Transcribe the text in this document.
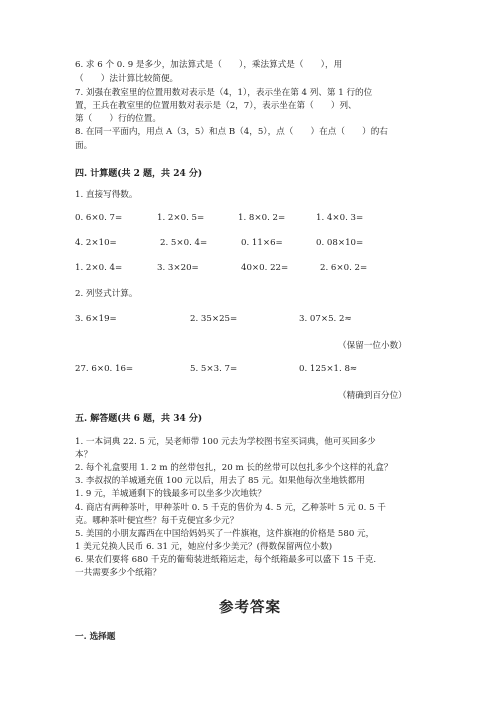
6. 求 6 个 0. 9 是多少，加法算式是（　　），乘法算式是（　　），用
（　　）法计算比较简便。
7. 刘强在教室里的位置用数对表示是（4，1），表示坐在第 4 列、第 1 行的位
置，王兵在教室里的位置用数对表示是（2，7），表示坐在第（　　）列、
第（　　）行的位置。
8. 在同一平面内，用点 A（3，5）和点 B（4，5），点（　　）在点（　　）的右
面。
四. 计算题(共 2 题，共 24 分)
1. 直接写得数。
0. 6×0. 7=	1. 2×0. 5=	1. 8×0. 2=	1. 4×0. 3=
4. 2×10=	2. 5×0. 4=	0. 11×6=	0. 08×10=
1. 2×0. 4=	3. 3×20=	40×0. 22=	2. 6×0. 2=
2. 列竖式计算。
3. 6×19=	2. 35×25=	3. 07×5. 2≈
（保留一位小数）
27. 6×0. 16=	5. 5×3. 7=	0. 125×1. 8≈
（精确到百分位）
五. 解答题(共 6 题，共 34 分)
1. 一本词典 22. 5 元，吴老师带 100 元去为学校图书室买词典，他可买回多少
本？
2. 每个礼盒要用 1. 2 m 的丝带包扎，20 m 长的丝带可以包扎多少个这样的礼盒？
3. 李叔叔的羊城通充值 100 元以后，用去了 85 元。如果他每次坐地铁都用
1. 9 元，羊城通剩下的钱最多可以坐多少次地铁？
4. 商店有两种茶叶，甲种茶叶 0. 5 千克的售价为 4. 5 元，乙种茶叶 5 元 0. 5 千
克。哪种茶叶便宜些？每千克便宜多少元？
5. 美国的小朋友露西在中国给妈妈买了一件旗袍，这件旗袍的价格是 580 元，
1 美元兑换人民币 6. 31 元，她应付多少美元？(得数保留两位小数)
6. 果农们要将 680 千克的葡萄装进纸箱运走，每个纸箱最多可以盛下 15 千克.
一共需要多少个纸箱？
参考答案
一. 选择题
